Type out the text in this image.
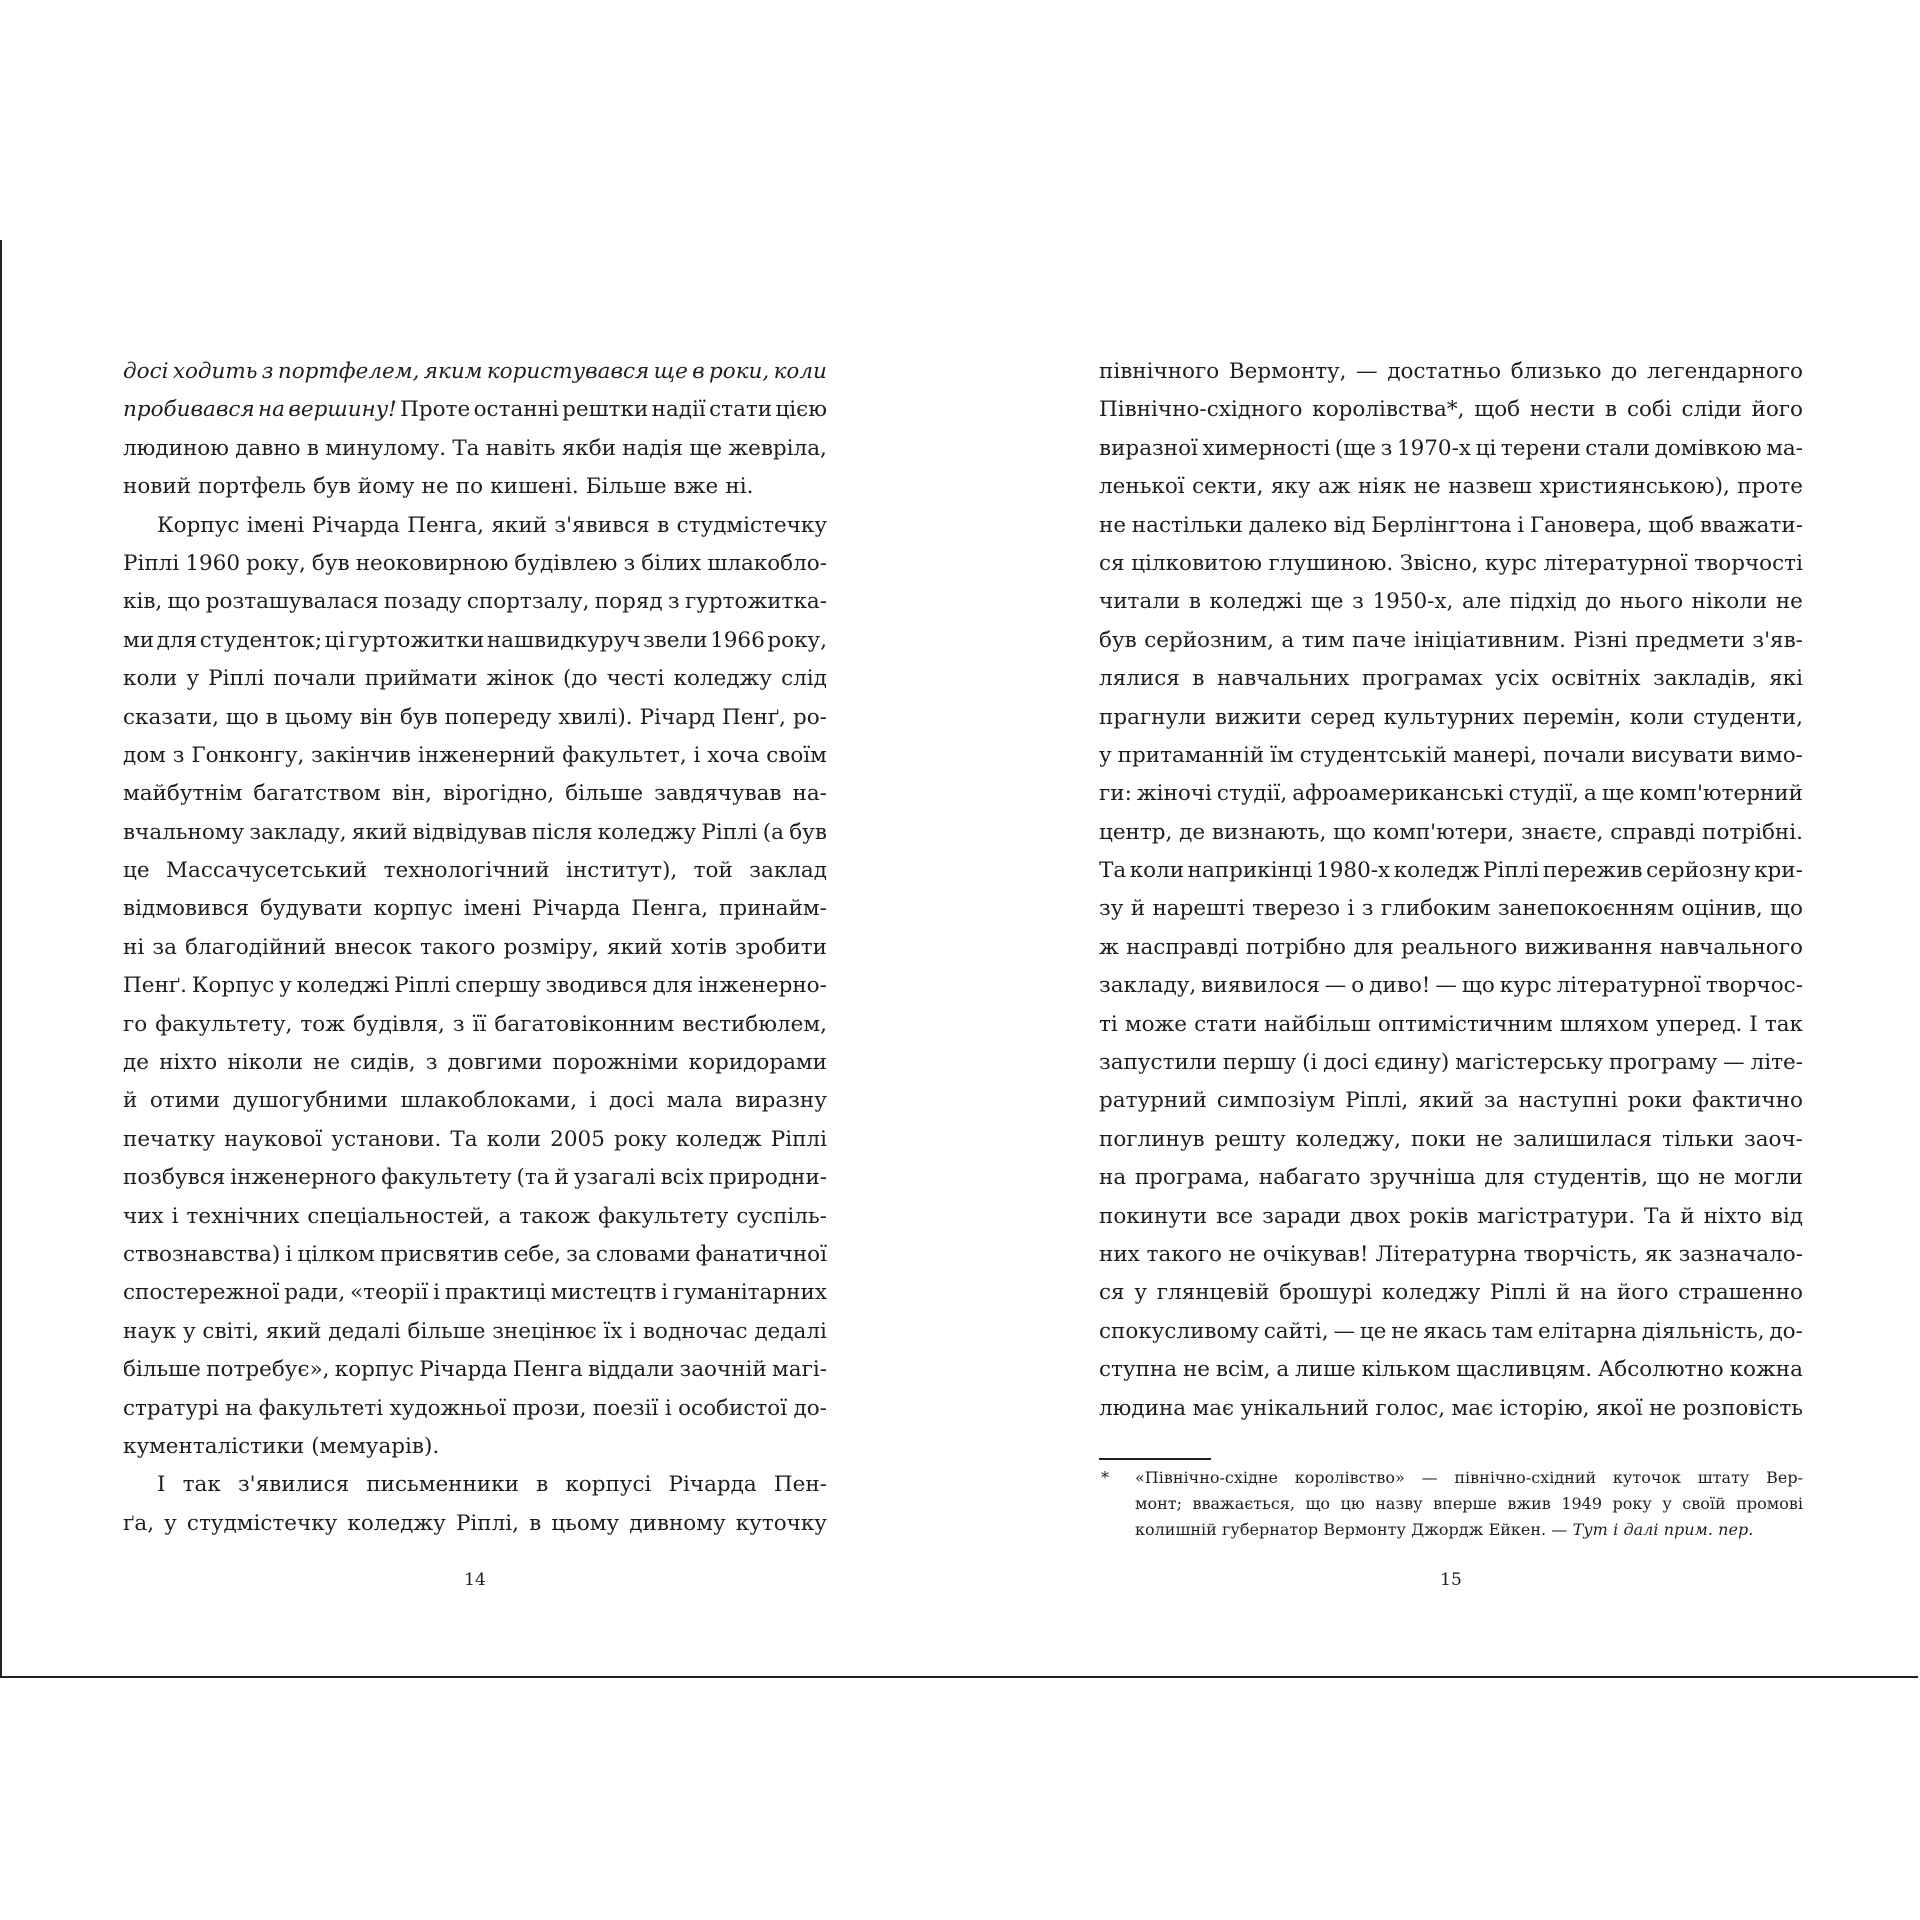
досі ходить з портфелем, яким користувався ще в роки, коли
пробивався на вершину! Проте останні рештки надії стати цією
людиною давно в минулому. Та навіть якби надія ще жевріла,
новий портфель був йому не по кишені. Більше вже ні.
Корпус імені Річарда Пенга, який з'явився в студмістечку
Ріплі 1960 року, був неоковирною будівлею з білих шлакобло-
ків, що розташувалася позаду спортзалу, поряд з гуртожитка-
ми для студенток; ці гуртожитки нашвидкуруч звели 1966 року,
коли у Ріплі почали приймати жінок (до честі коледжу слід
сказати, що в цьому він був попереду хвилі). Річард Пенґ, ро-
дом з Гонконгу, закінчив інженерний факультет, і хоча своїм
майбутнім багатством він, вірогідно, більше завдячував на-
вчальному закладу, який відвідував після коледжу Ріплі (а був
це Массачусетський технологічний інститут), той заклад
відмовився будувати корпус імені Річарда Пенга, принайм-
ні за благодійний внесок такого розміру, який хотів зробити
Пенґ. Корпус у коледжі Ріплі спершу зводився для інженерно-
го факультету, тож будівля, з її багатовіконним вестибюлем,
де ніхто ніколи не сидів, з довгими порожніми коридорами
й отими душогубними шлакоблоками, і досі мала виразну
печатку наукової установи. Та коли 2005 року коледж Ріплі
позбувся інженерного факультету (та й узагалі всіх природни-
чих і технічних спеціальностей, а також факультету суспіль-
ствознавства) і цілком присвятив себе, за словами фанатичної
спостережної ради, «теорії і практиці мистецтв і гуманітарних
наук у світі, який дедалі більше знецінює їх і водночас дедалі
більше потребує», корпус Річарда Пенга віддали заочній магі-
стратурі на факультеті художньої прози, поезії і особистої до-
кументалістики (мемуарів).
І так з'явилися письменники в корпусі Річарда Пен-
ґа, у студмістечку коледжу Ріплі, в цьому дивному куточку
14
північного Вермонту, — достатньо близько до легендарного
Північно-східного королівства*, щоб нести в собі сліди його
виразної химерності (ще з 1970-х ці терени стали домівкою ма-
ленької секти, яку аж ніяк не назвеш християнською), проте
не настільки далеко від Берлінгтона і Гановера, щоб вважати-
ся цілковитою глушиною. Звісно, курс літературної творчості
читали в коледжі ще з 1950-х, але підхід до нього ніколи не
був серйозним, а тим паче ініціативним. Різні предмети з'яв-
лялися в навчальних програмах усіх освітніх закладів, які
прагнули вижити серед культурних перемін, коли студенти,
у притаманній їм студентській манері, почали висувати вимо-
ги: жіночі студії, афроамериканські студії, а ще комп'ютерний
центр, де визнають, що комп'ютери, знаєте, справді потрібні.
Та коли наприкінці 1980-х коледж Ріплі пережив серйозну кри-
зу й нарешті тверезо і з глибоким занепокоєнням оцінив, що
ж насправді потрібно для реального виживання навчального
закладу, виявилося — о диво! — що курс літературної творчос-
ті може стати найбільш оптимістичним шляхом уперед. І так
запустили першу (і досі єдину) магістерську програму — літе-
ратурний симпозіум Ріплі, який за наступні роки фактично
поглинув решту коледжу, поки не залишилася тільки заоч-
на програма, набагато зручніша для студентів, що не могли
покинути все заради двох років магістратури. Та й ніхто від
них такого не очікував! Літературна творчість, як зазначало-
ся у глянцевій брошурі коледжу Ріплі й на його страшенно
спокусливому сайті, — це не якась там елітарна діяльність, до-
ступна не всім, а лише кільком щасливцям. Абсолютно кожна
людина має унікальний голос, має історію, якої не розповість
* «Північно-східне королівство» — північно-східний куточок штату Вер-
монт; вважається, що цю назву вперше вжив 1949 року у своїй промові
колишній губернатор Вермонту Джордж Ейкен. — Тут і далі прим. пер.
15
